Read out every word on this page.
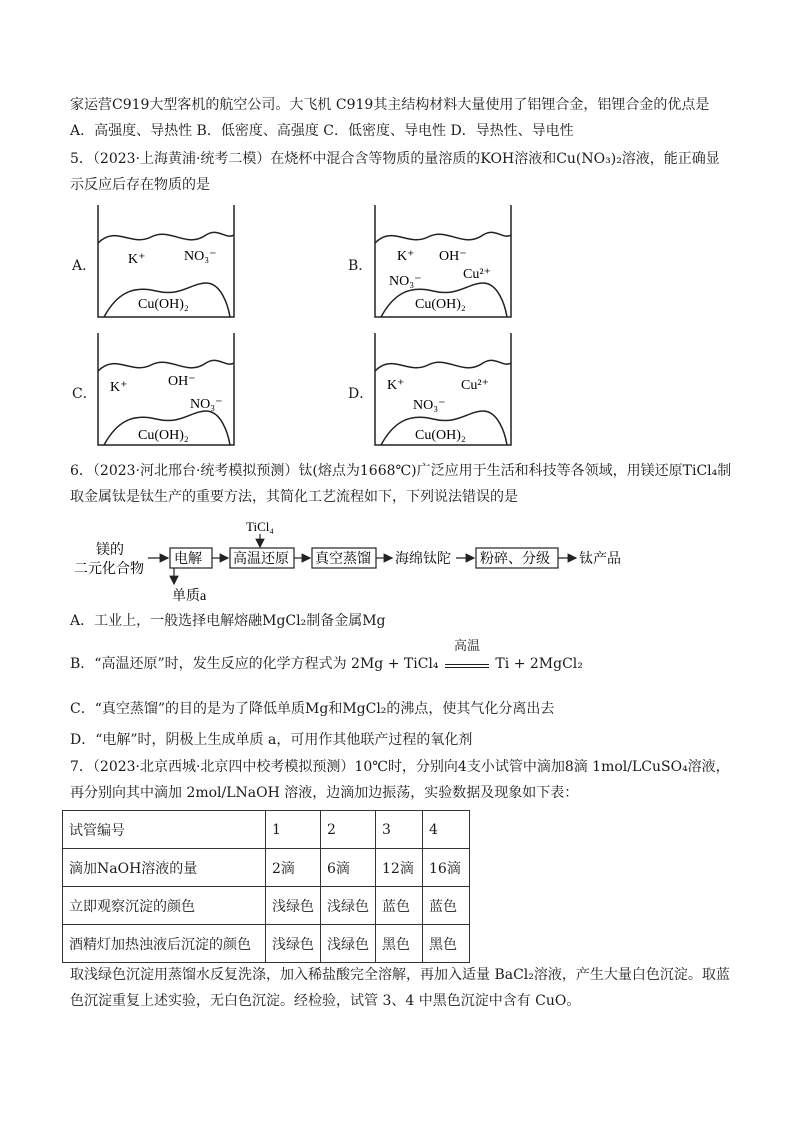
家运营C919大型客机的航空公司。大飞机 C919其主结构材料大量使用了铝锂合金，铝锂合金的优点是
A．高强度、导热性 B．低密度、高强度 C．低密度、导电性 D．导热性、导电性
5．（2023·上海黄浦·统考二模）在烧杯中混合含等物质的量溶质的KOH溶液和Cu(NO₃)₂溶液，能正确显
示反应后存在物质的是
A． K⁺	NO₃⁻
Cu(OH)₂
B．
K⁺ OH⁻
NO₃⁻	Cu²⁺
Cu(OH)₂
C． K⁺	OH⁻
NO₃⁻
Cu(OH)₂
D．
K⁺	Cu²⁺
NO₃⁻
Cu(OH)₂
6．（2023·河北邢台·统考模拟预测）钛(熔点为1668℃)广泛应用于生活和科技等各领域，用镁还原TiCl₄制
取金属钛是钛生产的重要方法，其简化工艺流程如下，下列说法错误的是
镁的
二元化合物
电解
单质a
TiCl₄
高温还原 真空蒸馏 海绵钛陀 粉碎、分级 钛产品
A．工业上，一般选择电解熔融MgCl₂制备金属Mg
B．“高温还原”时，发生反应的化学方程式为 2Mg + TiCl₄
高温
Ti + 2MgCl₂
C．“真空蒸馏”的目的是为了降低单质Mg和MgCl₂的沸点，使其气化分离出去
D．“电解”时，阴极上生成单质 a，可用作其他联产过程的氧化剂
7．（2023·北京西城·北京四中校考模拟预测）10℃时，分别向4支小试管中滴加8滴 1mol/LCuSO₄溶液，
再分别向其中滴加 2mol/LNaOH 溶液，边滴加边振荡，实验数据及现象如下表：
试管编号	1	2	3	4
滴加NaOH溶液的量	2滴	6滴	12滴	16滴
立即观察沉淀的颜色	浅绿色	浅绿色	蓝色	蓝色
酒精灯加热浊液后沉淀的颜色	浅绿色	浅绿色	黑色	黑色
取浅绿色沉淀用蒸馏水反复洗涤，加入稀盐酸完全溶解，再加入适量 BaCl₂溶液，产生大量白色沉淀。取蓝
色沉淀重复上述实验，无白色沉淀。经检验，试管 3、4 中黑色沉淀中含有 CuO。
